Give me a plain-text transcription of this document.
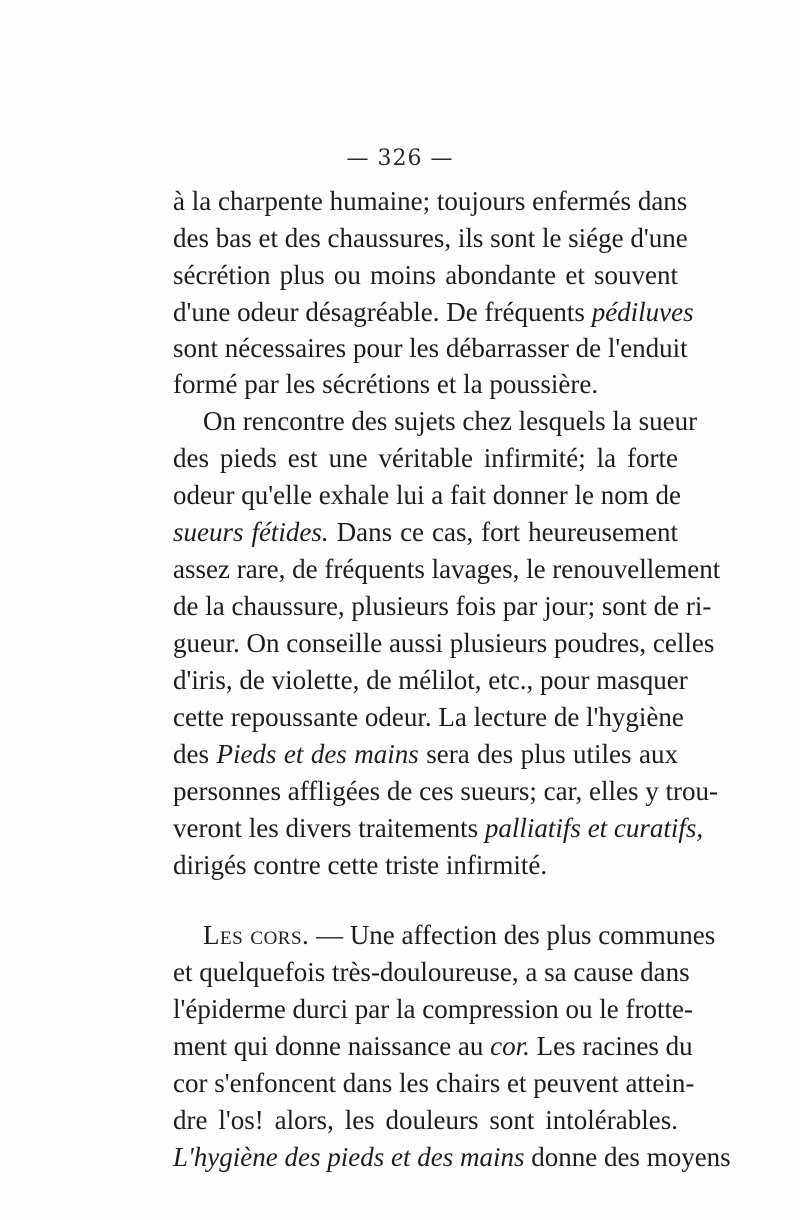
— 326 —
à la charpente humaine; toujours enfermés dans
des bas et des chaussures, ils sont le siége d'une
sécrétion plus ou moins abondante et souvent
d'une odeur désagréable. De fréquents pédiluves
sont nécessaires pour les débarrasser de l'enduit
formé par les sécrétions et la poussière.
On rencontre des sujets chez lesquels la sueur
des pieds est une véritable infirmité; la forte
odeur qu'elle exhale lui a fait donner le nom de
sueurs fétides. Dans ce cas, fort heureusement
assez rare, de fréquents lavages, le renouvellement
de la chaussure, plusieurs fois par jour; sont de ri-
gueur. On conseille aussi plusieurs poudres, celles
d'iris, de violette, de mélilot, etc., pour masquer
cette repoussante odeur. La lecture de l'hygiène
des Pieds et des mains sera des plus utiles aux
personnes affligées de ces sueurs; car, elles y trou-
veront les divers traitements palliatifs et curatifs,
dirigés contre cette triste infirmité.
Les cors. — Une affection des plus communes
et quelquefois très-douloureuse, a sa cause dans
l'épiderme durci par la compression ou le frotte-
ment qui donne naissance au cor. Les racines du
cor s'enfoncent dans les chairs et peuvent attein-
dre l'os! alors, les douleurs sont intolérables.
L'hygiène des pieds et des mains donne des moyens
